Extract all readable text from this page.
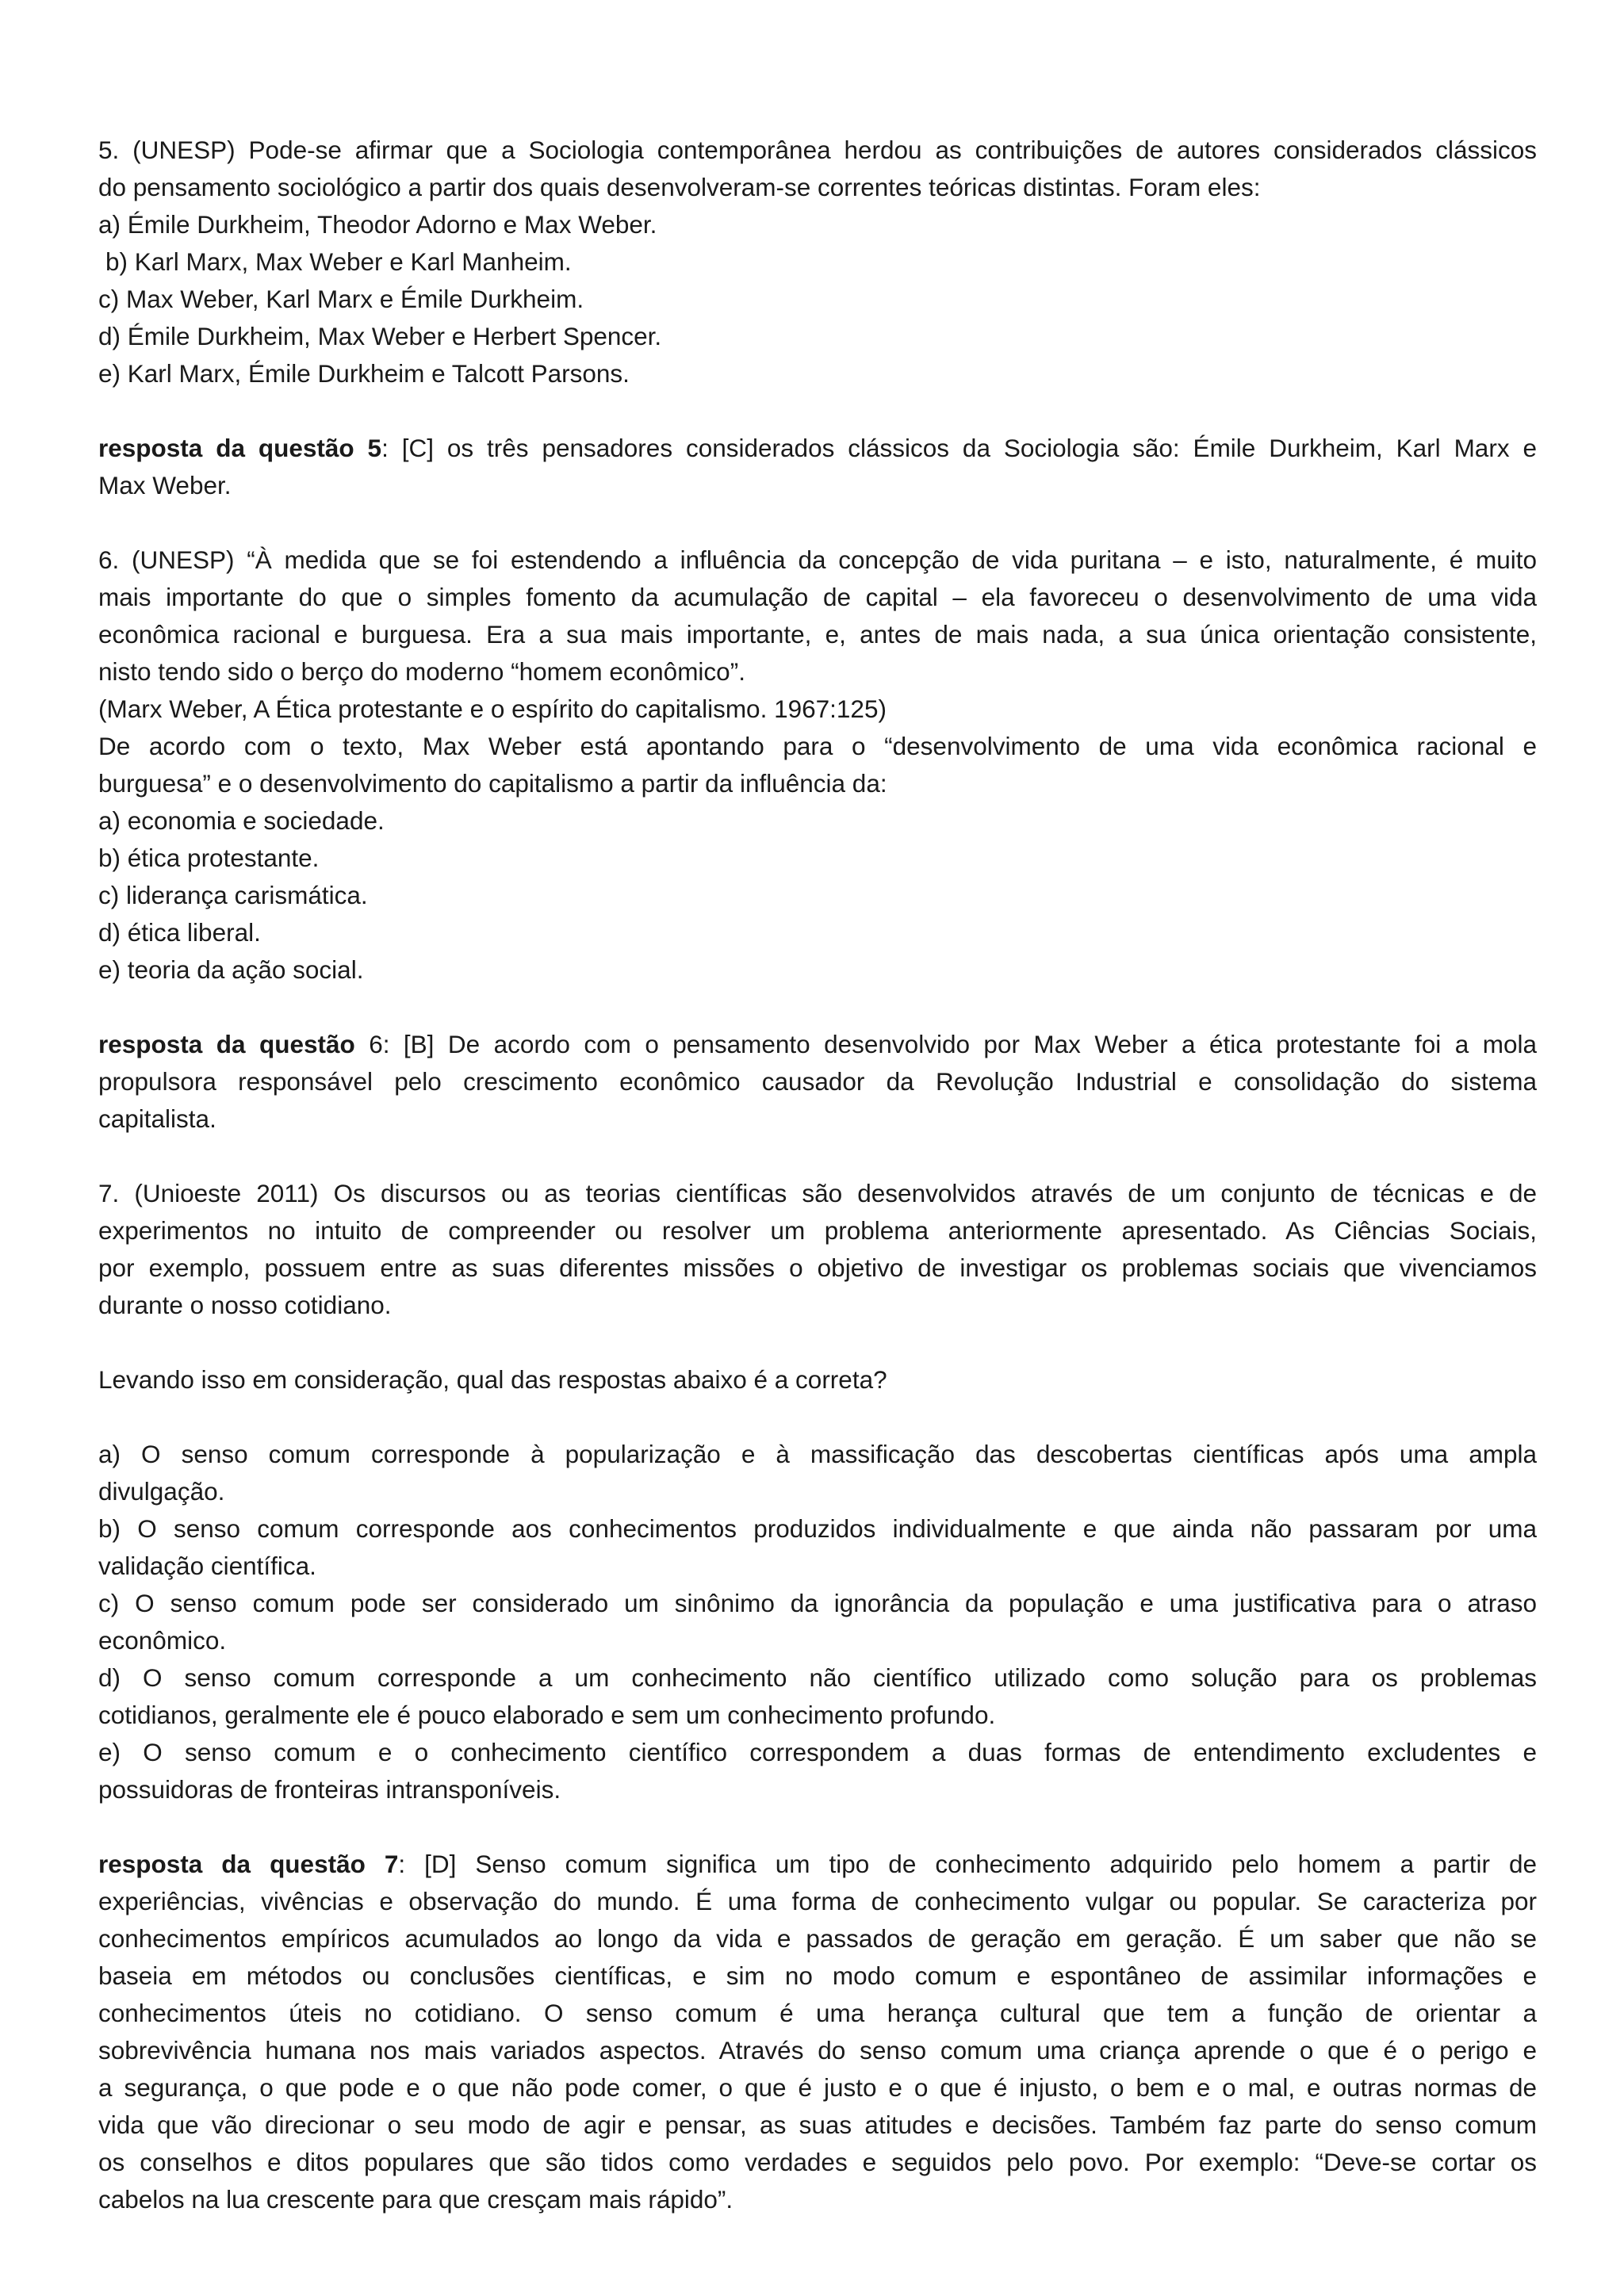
5. (UNESP) Pode-se afirmar que a Sociologia contemporânea herdou as contribuições de autores considerados clássicos
do pensamento sociológico a partir dos quais desenvolveram-se correntes teóricas distintas. Foram eles:
a) Émile Durkheim, Theodor Adorno e Max Weber.
b) Karl Marx, Max Weber e Karl Manheim.
c) Max Weber, Karl Marx e Émile Durkheim.
d) Émile Durkheim, Max Weber e Herbert Spencer.
e) Karl Marx, Émile Durkheim e Talcott Parsons.
resposta da questão 5: [C] os três pensadores considerados clássicos da Sociologia são: Émile Durkheim, Karl Marx e
Max Weber.
6. (UNESP) “À medida que se foi estendendo a influência da concepção de vida puritana – e isto, naturalmente, é muito
mais importante do que o simples fomento da acumulação de capital – ela favoreceu o desenvolvimento de uma vida
econômica racional e burguesa. Era a sua mais importante, e, antes de mais nada, a sua única orientação consistente,
nisto tendo sido o berço do moderno “homem econômico”.
(Marx Weber, A Ética protestante e o espírito do capitalismo. 1967:125)
De acordo com o texto, Max Weber está apontando para o “desenvolvimento de uma vida econômica racional e
burguesa” e o desenvolvimento do capitalismo a partir da influência da:
a) economia e sociedade.
b) ética protestante.
c) liderança carismática.
d) ética liberal.
e) teoria da ação social.
resposta da questão 6: [B] De acordo com o pensamento desenvolvido por Max Weber a ética protestante foi a mola
propulsora responsável pelo crescimento econômico causador da Revolução Industrial e consolidação do sistema
capitalista.
7. (Unioeste 2011) Os discursos ou as teorias científicas são desenvolvidos através de um conjunto de técnicas e de
experimentos no intuito de compreender ou resolver um problema anteriormente apresentado. As Ciências Sociais,
por exemplo, possuem entre as suas diferentes missões o objetivo de investigar os problemas sociais que vivenciamos
durante o nosso cotidiano.
Levando isso em consideração, qual das respostas abaixo é a correta?
a) O senso comum corresponde à popularização e à massificação das descobertas científicas após uma ampla
divulgação.
b) O senso comum corresponde aos conhecimentos produzidos individualmente e que ainda não passaram por uma
validação científica.
c) O senso comum pode ser considerado um sinônimo da ignorância da população e uma justificativa para o atraso
econômico.
d) O senso comum corresponde a um conhecimento não científico utilizado como solução para os problemas
cotidianos, geralmente ele é pouco elaborado e sem um conhecimento profundo.
e) O senso comum e o conhecimento científico correspondem a duas formas de entendimento excludentes e
possuidoras de fronteiras intransponíveis.
resposta da questão 7: [D] Senso comum significa um tipo de conhecimento adquirido pelo homem a partir de
experiências, vivências e observação do mundo. É uma forma de conhecimento vulgar ou popular. Se caracteriza por
conhecimentos empíricos acumulados ao longo da vida e passados de geração em geração. É um saber que não se
baseia em métodos ou conclusões científicas, e sim no modo comum e espontâneo de assimilar informações e
conhecimentos úteis no cotidiano. O senso comum é uma herança cultural que tem a função de orientar a
sobrevivência humana nos mais variados aspectos. Através do senso comum uma criança aprende o que é o perigo e
a segurança, o que pode e o que não pode comer, o que é justo e o que é injusto, o bem e o mal, e outras normas de
vida que vão direcionar o seu modo de agir e pensar, as suas atitudes e decisões. Também faz parte do senso comum
os conselhos e ditos populares que são tidos como verdades e seguidos pelo povo. Por exemplo: “Deve-se cortar os
cabelos na lua crescente para que cresçam mais rápido”.
